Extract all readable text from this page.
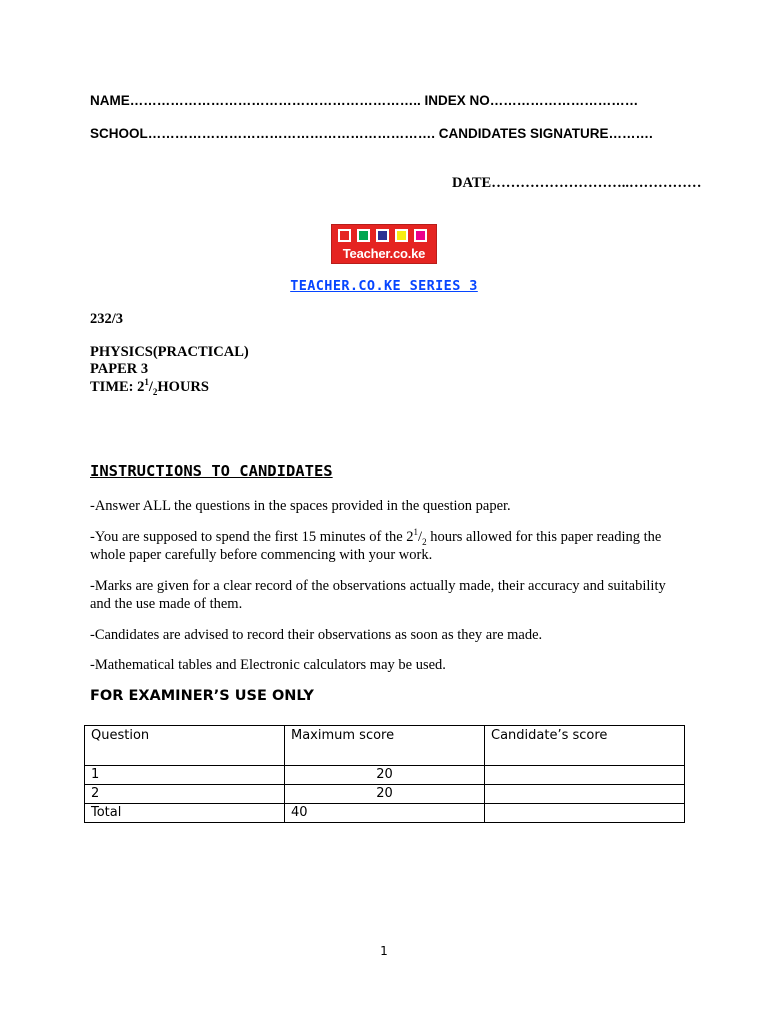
NAME……………………………………………………….. INDEX NO……………………………
SCHOOL………………………………………………………. CANDIDATES SIGNATURE……….
DATE………………………..……………
Teacher.co.ke
TEACHER.CO.KE SERIES 3
232/3
PHYSICS(PRACTICAL)
PAPER 3
TIME: $2^1/_2HOURS$
INSTRUCTIONS TO CANDIDATES
-Answer ALL the questions in the spaces provided in the question paper.
-You are supposed to spend the first 15 minutes of the $2^1/_2$ hours allowed for this paper reading the whole paper carefully before commencing with your work.
-Marks are given for a clear record of the observations actually made, their accuracy and suitability and the use made of them.
-Candidates are advised to record their observations as soon as they are made.
-Mathematical tables and Electronic calculators may be used.
FOR EXAMINER’S USE ONLY
Question	Maximum score	Candidate’s score
1	20	
2	20	
Total	40	
1
